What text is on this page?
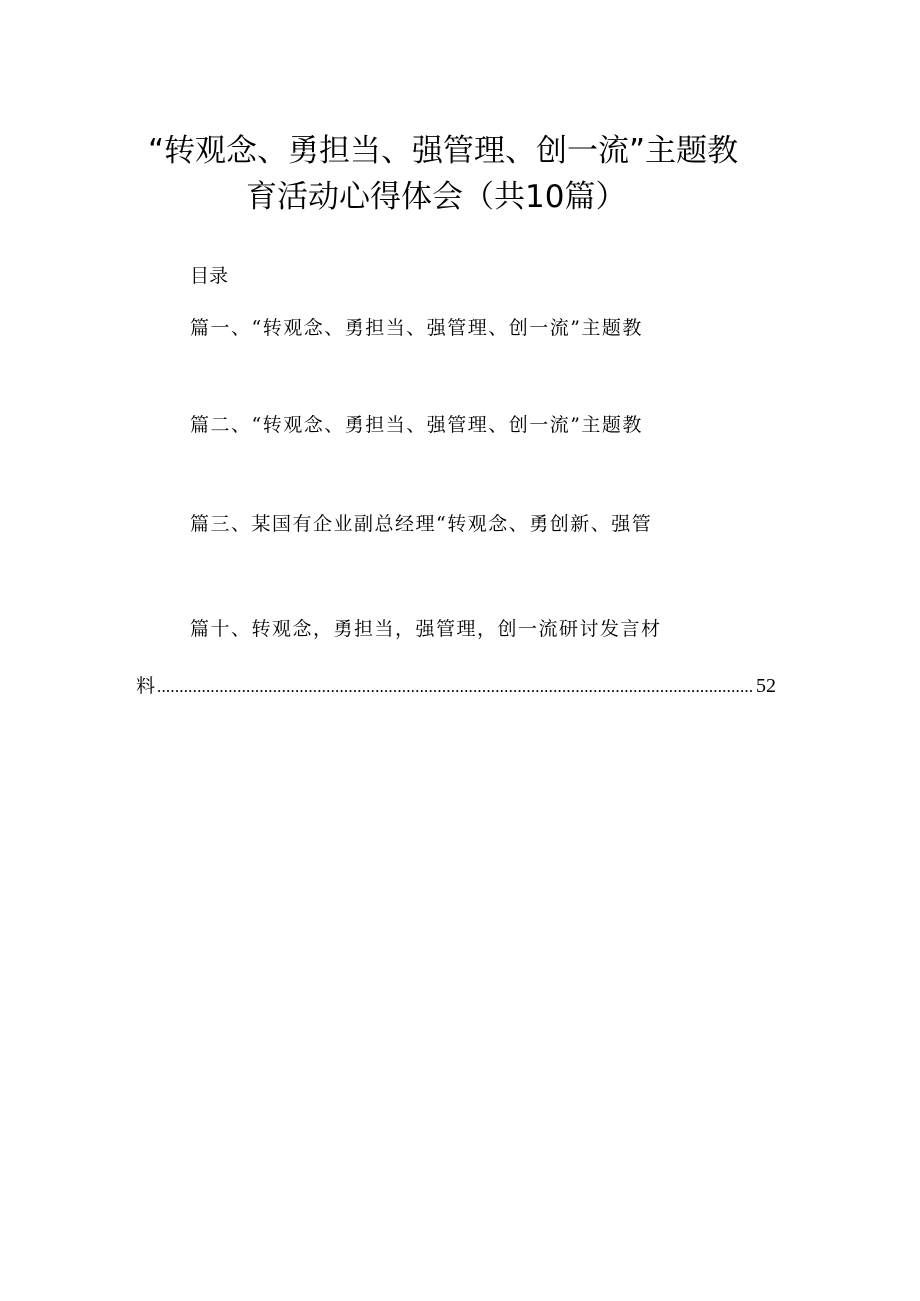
“转观念、勇担当、强管理、创一流”主题教
育活动心得体会（共10篇）
目录
篇一、“转观念、勇担当、强管理、创一流”主题教
篇二、“转观念、勇担当、强管理、创一流”主题教
篇三、某国有企业副总经理“转观念、勇创新、强管
篇十、转观念，勇担当，强管理，创一流研讨发言材
料
.....	52
